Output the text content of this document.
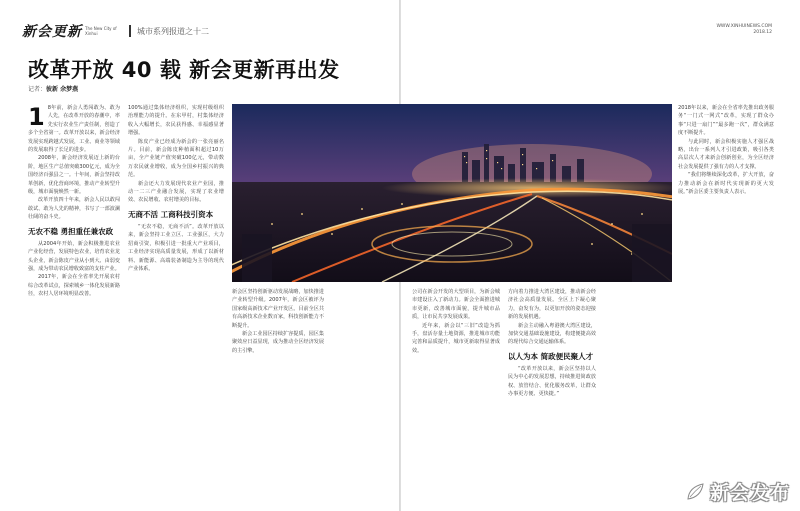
新会更新 The New City of Xinhui	城市系列报道之十二	WWW.XINHUINEWS.COM
2018.12
改革开放 40 载 新会更新再出发
记者：彼新 余梦燕

1 8年前，新会人勇闯敢为、敢为人先，在改革开放的春潮中，率先实行农业生产责任制，创造了多个全省第一。改革开放以来，新会经济发展实现跨越式发展，工业、商业等领域的发展取得了长足的进步。

2008年，新会经济发展迈上新的台阶，地区生产总值突破300亿元，成为全国经济百强县之一。十年间，新会坚持改革创新，优化营商环境，推动产业转型升级，城市面貌焕然一新。

改革开放四十年来，新会人民以敢闯敢试、敢为人先的精神，书写了一部波澜壮阔的奋斗史。

无农不稳 勇担重任兼农政

从2004年开始，新会积极推进农业产业化经营，发展特色农业，培育农业龙头企业，新会陈皮产业从小到大、由弱变强，成为带动农民增收致富的支柱产业。

2017年，新会在全省率先开展农村综合改革试点，探索城乡一体化发展新路径，农村人居环境明显改善。

100%通过集体经济组织，实现村级组织治理能力的提升。在东甲村，村集体经济收入大幅增长，农民获得感、幸福感显著增强。

陈皮产业已经成为新会的一张亮丽名片。目前，新会陈皮种植面积超过10万亩，全产业链产值突破100亿元，带动数万农民就业增收，成为全国乡村振兴的典范。

新会还大力发展现代农业产业园，推动一二三产业融合发展，实现了农业增效、农民增收、农村增美的目标。

无商不活 工商科技引资本

“无农不稳，无商不活”。改革开放以来，新会坚持工业立区、工业强区，大力招商引资，积极引进一批重大产业项目，工业经济实现高质量发展，形成了以新材料、新能源、高端装备制造为主导的现代产业体系。

新会区坚持创新驱动发展战略，加快推进产业转型升级。2007年，新会区被评为国家级高新技术产业开发区。目前全区共有高新技术企业数百家，科技创新能力不断提升。

新会工业园区持续扩容提质，园区集聚效应日益显现，成为推动全区经济发展的主引擎。

公司在新会开发的大型项目，为新会城市建设注入了新动力。新会全面推进城市更新，改善城市面貌，提升城市品质，让市民共享发展成果。

近年来，新会以“三旧”改造为抓手，盘活存量土地资源，推进城市功能完善和品质提升，城市更新取得显著成效。

方向着力推进大湾区建设，推动新会经济社会高质量发展。全区上下凝心聚力，奋发有为，以更加开放的姿态迎接新的发展机遇。

新会主动融入粤港澳大湾区建设，加快交通基础设施建设，构建便捷高效的现代综合交通运输体系。

以人为本 简政便民聚人才

“改革开放以来，新会区坚持以人民为中心的发展思想，持续推进简政放权、放管结合、优化服务改革，让群众办事更方便、更快捷。”

2018年以来，新会在全省率先推出政务服务“一门式一网式”改革，实现了群众办事“只进一扇门”“最多跑一次”，群众满意度不断提升。

与此同时，新会积极实施人才强区战略，出台一系列人才引进政策，吸引各类高层次人才来新会创新创业，为全区经济社会发展提供了强有力的人才支撑。

“我们将继续深化改革，扩大开放，奋力推动新会在新时代实现新的更大发展。”新会区委主要负责人表示。

新会发布
